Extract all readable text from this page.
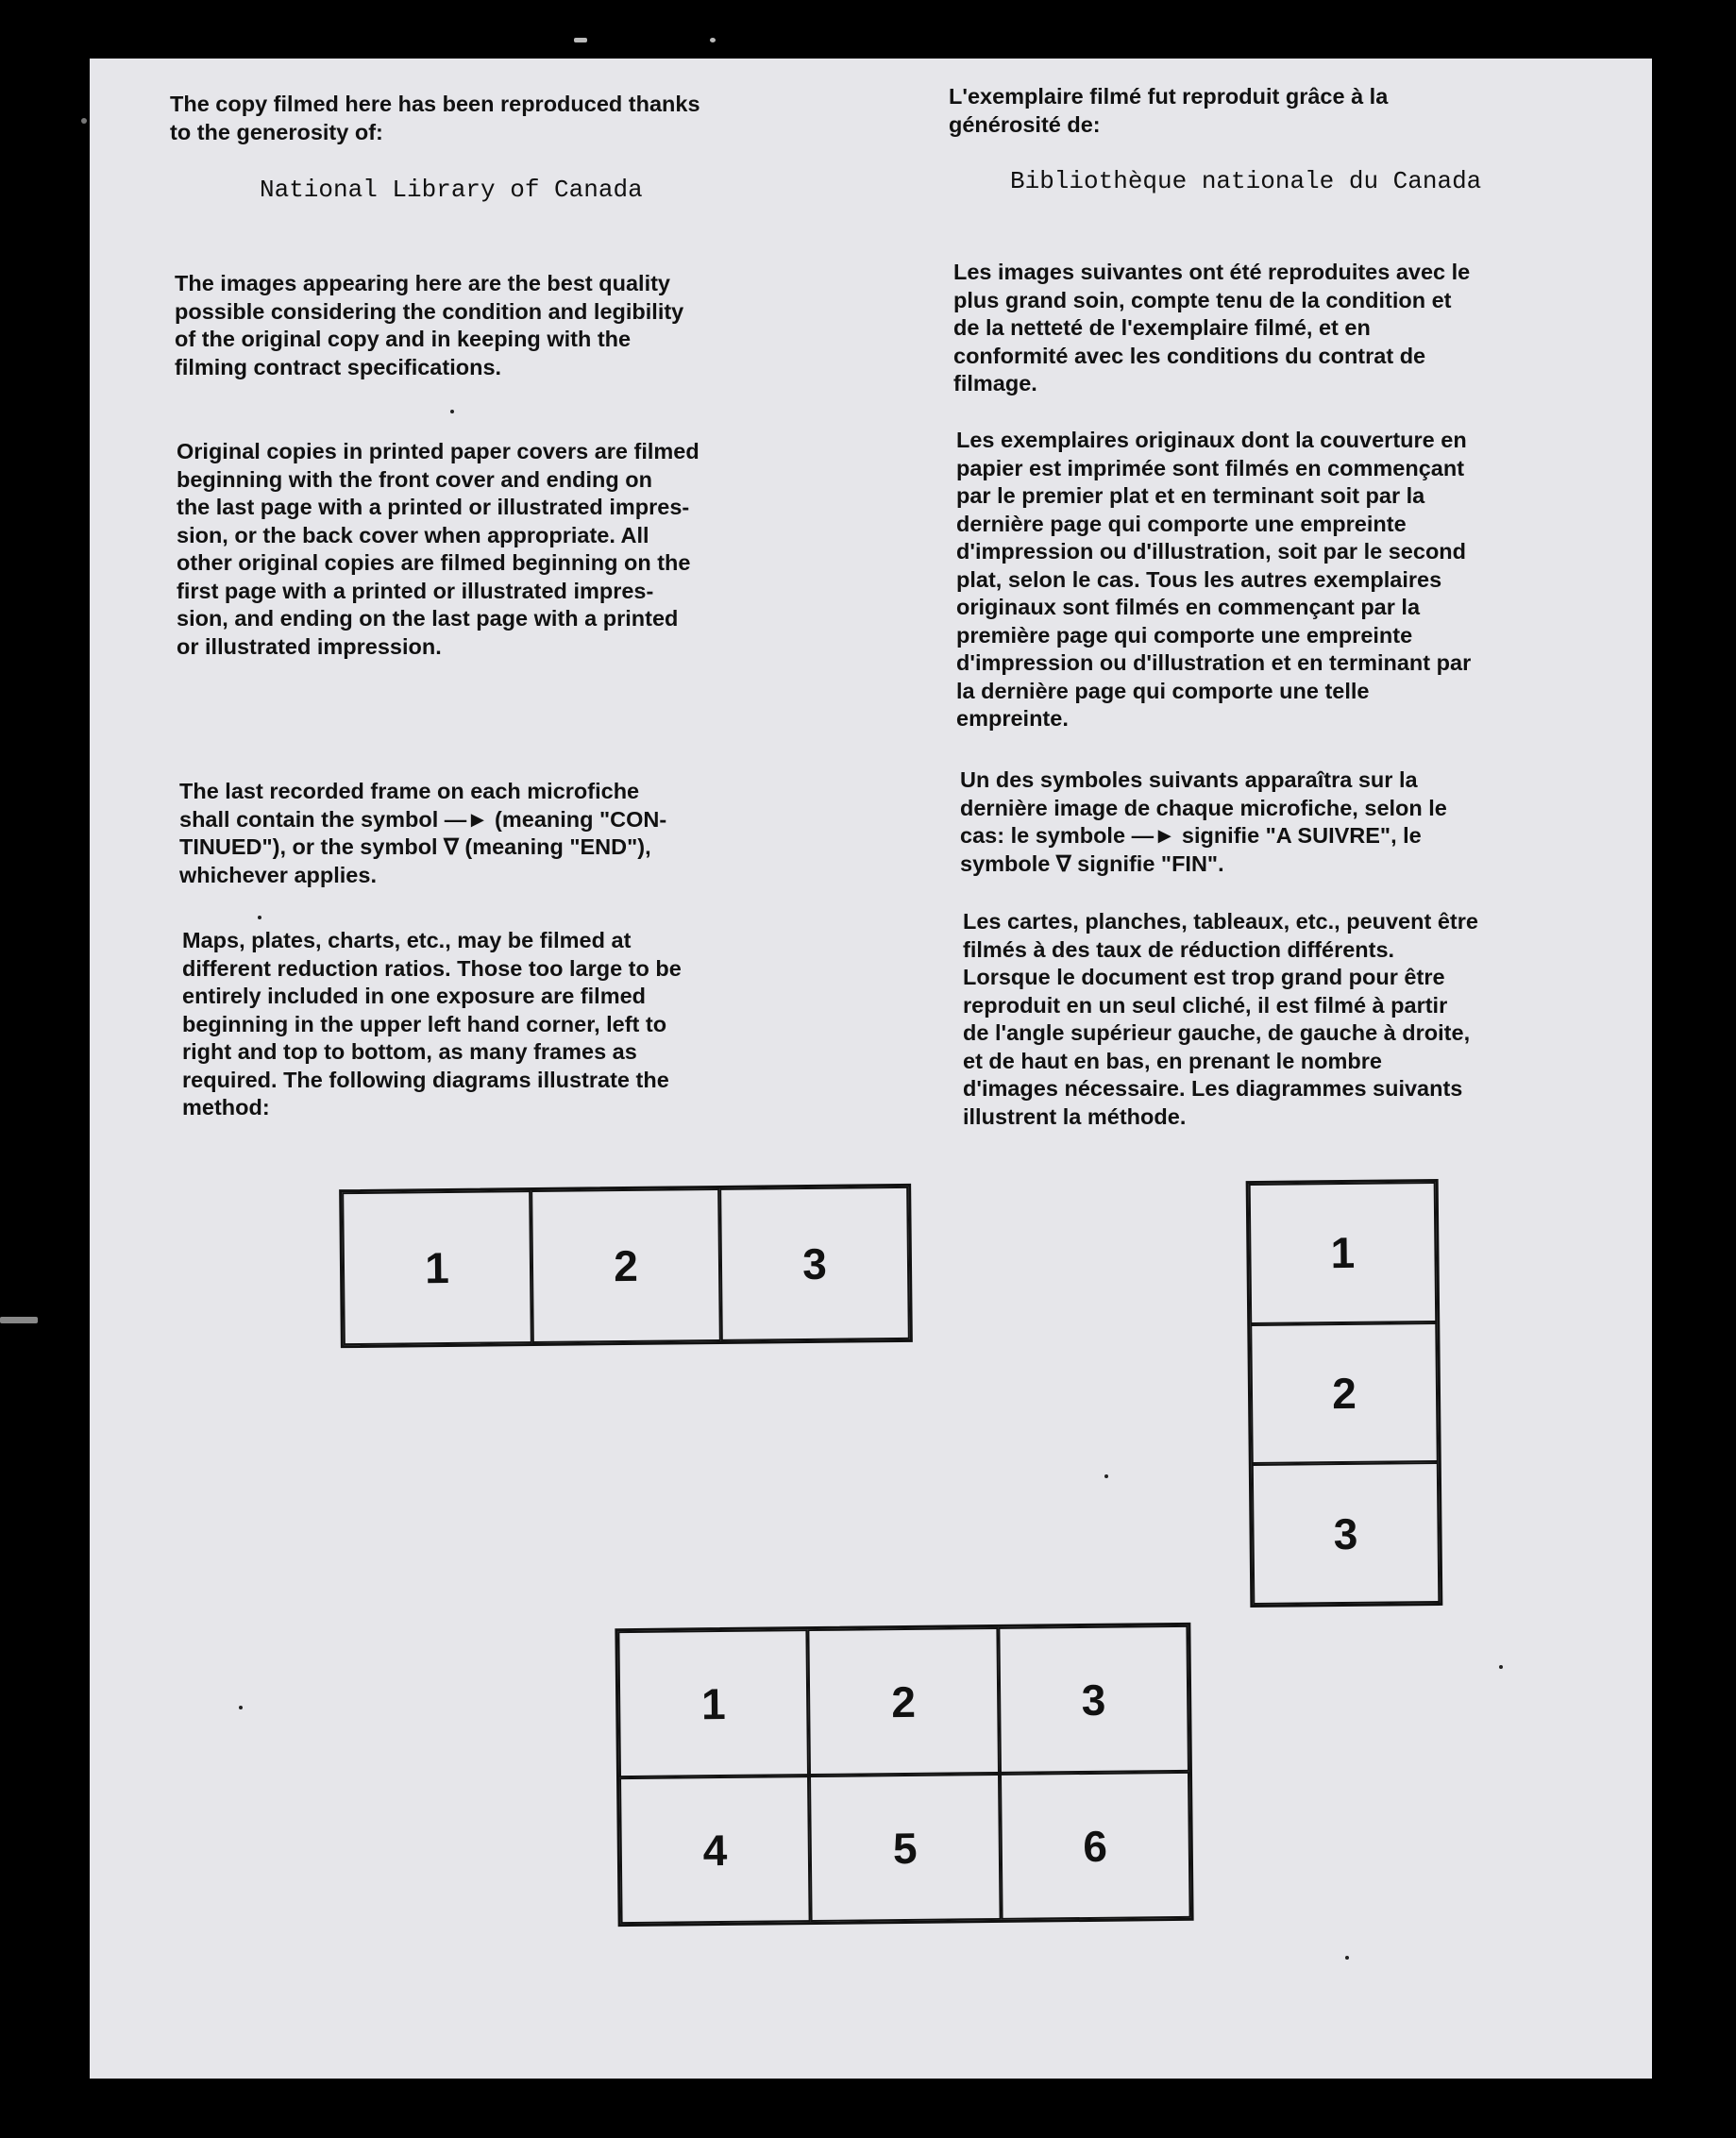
The copy filmed here has been reproduced thanks
to the generosity of:

National Library of Canada

The images appearing here are the best quality
possible considering the condition and legibility
of the original copy and in keeping with the
filming contract specifications.

Original copies in printed paper covers are filmed
beginning with the front cover and ending on
the last page with a printed or illustrated impres-
sion, or the back cover when appropriate. All
other original copies are filmed beginning on the
first page with a printed or illustrated impres-
sion, and ending on the last page with a printed
or illustrated impression.

The last recorded frame on each microfiche
shall contain the symbol —► (meaning "CON-
TINUED"), or the symbol ∇ (meaning "END"),
whichever applies.

Maps, plates, charts, etc., may be filmed at
different reduction ratios. Those too large to be
entirely included in one exposure are filmed
beginning in the upper left hand corner, left to
right and top to bottom, as many frames as
required. The following diagrams illustrate the
method:

L'exemplaire filmé fut reproduit grâce à la
générosité de:

Bibliothèque nationale du Canada

Les images suivantes ont été reproduites avec le
plus grand soin, compte tenu de la condition et
de la netteté de l'exemplaire filmé, et en
conformité avec les conditions du contrat de
filmage.

Les exemplaires originaux dont la couverture en
papier est imprimée sont filmés en commençant
par le premier plat et en terminant soit par la
dernière page qui comporte une empreinte
d'impression ou d'illustration, soit par le second
plat, selon le cas. Tous les autres exemplaires
originaux sont filmés en commençant par la
première page qui comporte une empreinte
d'impression ou d'illustration et en terminant par
la dernière page qui comporte une telle
empreinte.

Un des symboles suivants apparaîtra sur la
dernière image de chaque microfiche, selon le
cas: le symbole —► signifie "A SUIVRE", le
symbole ∇ signifie "FIN".

Les cartes, planches, tableaux, etc., peuvent être
filmés à des taux de réduction différents.
Lorsque le document est trop grand pour être
reproduit en un seul cliché, il est filmé à partir
de l'angle supérieur gauche, de gauche à droite,
et de haut en bas, en prenant le nombre
d'images nécessaire. Les diagrammes suivants
illustrent la méthode.

1	2	3	1
2
3
1	2	3
4	5	6
